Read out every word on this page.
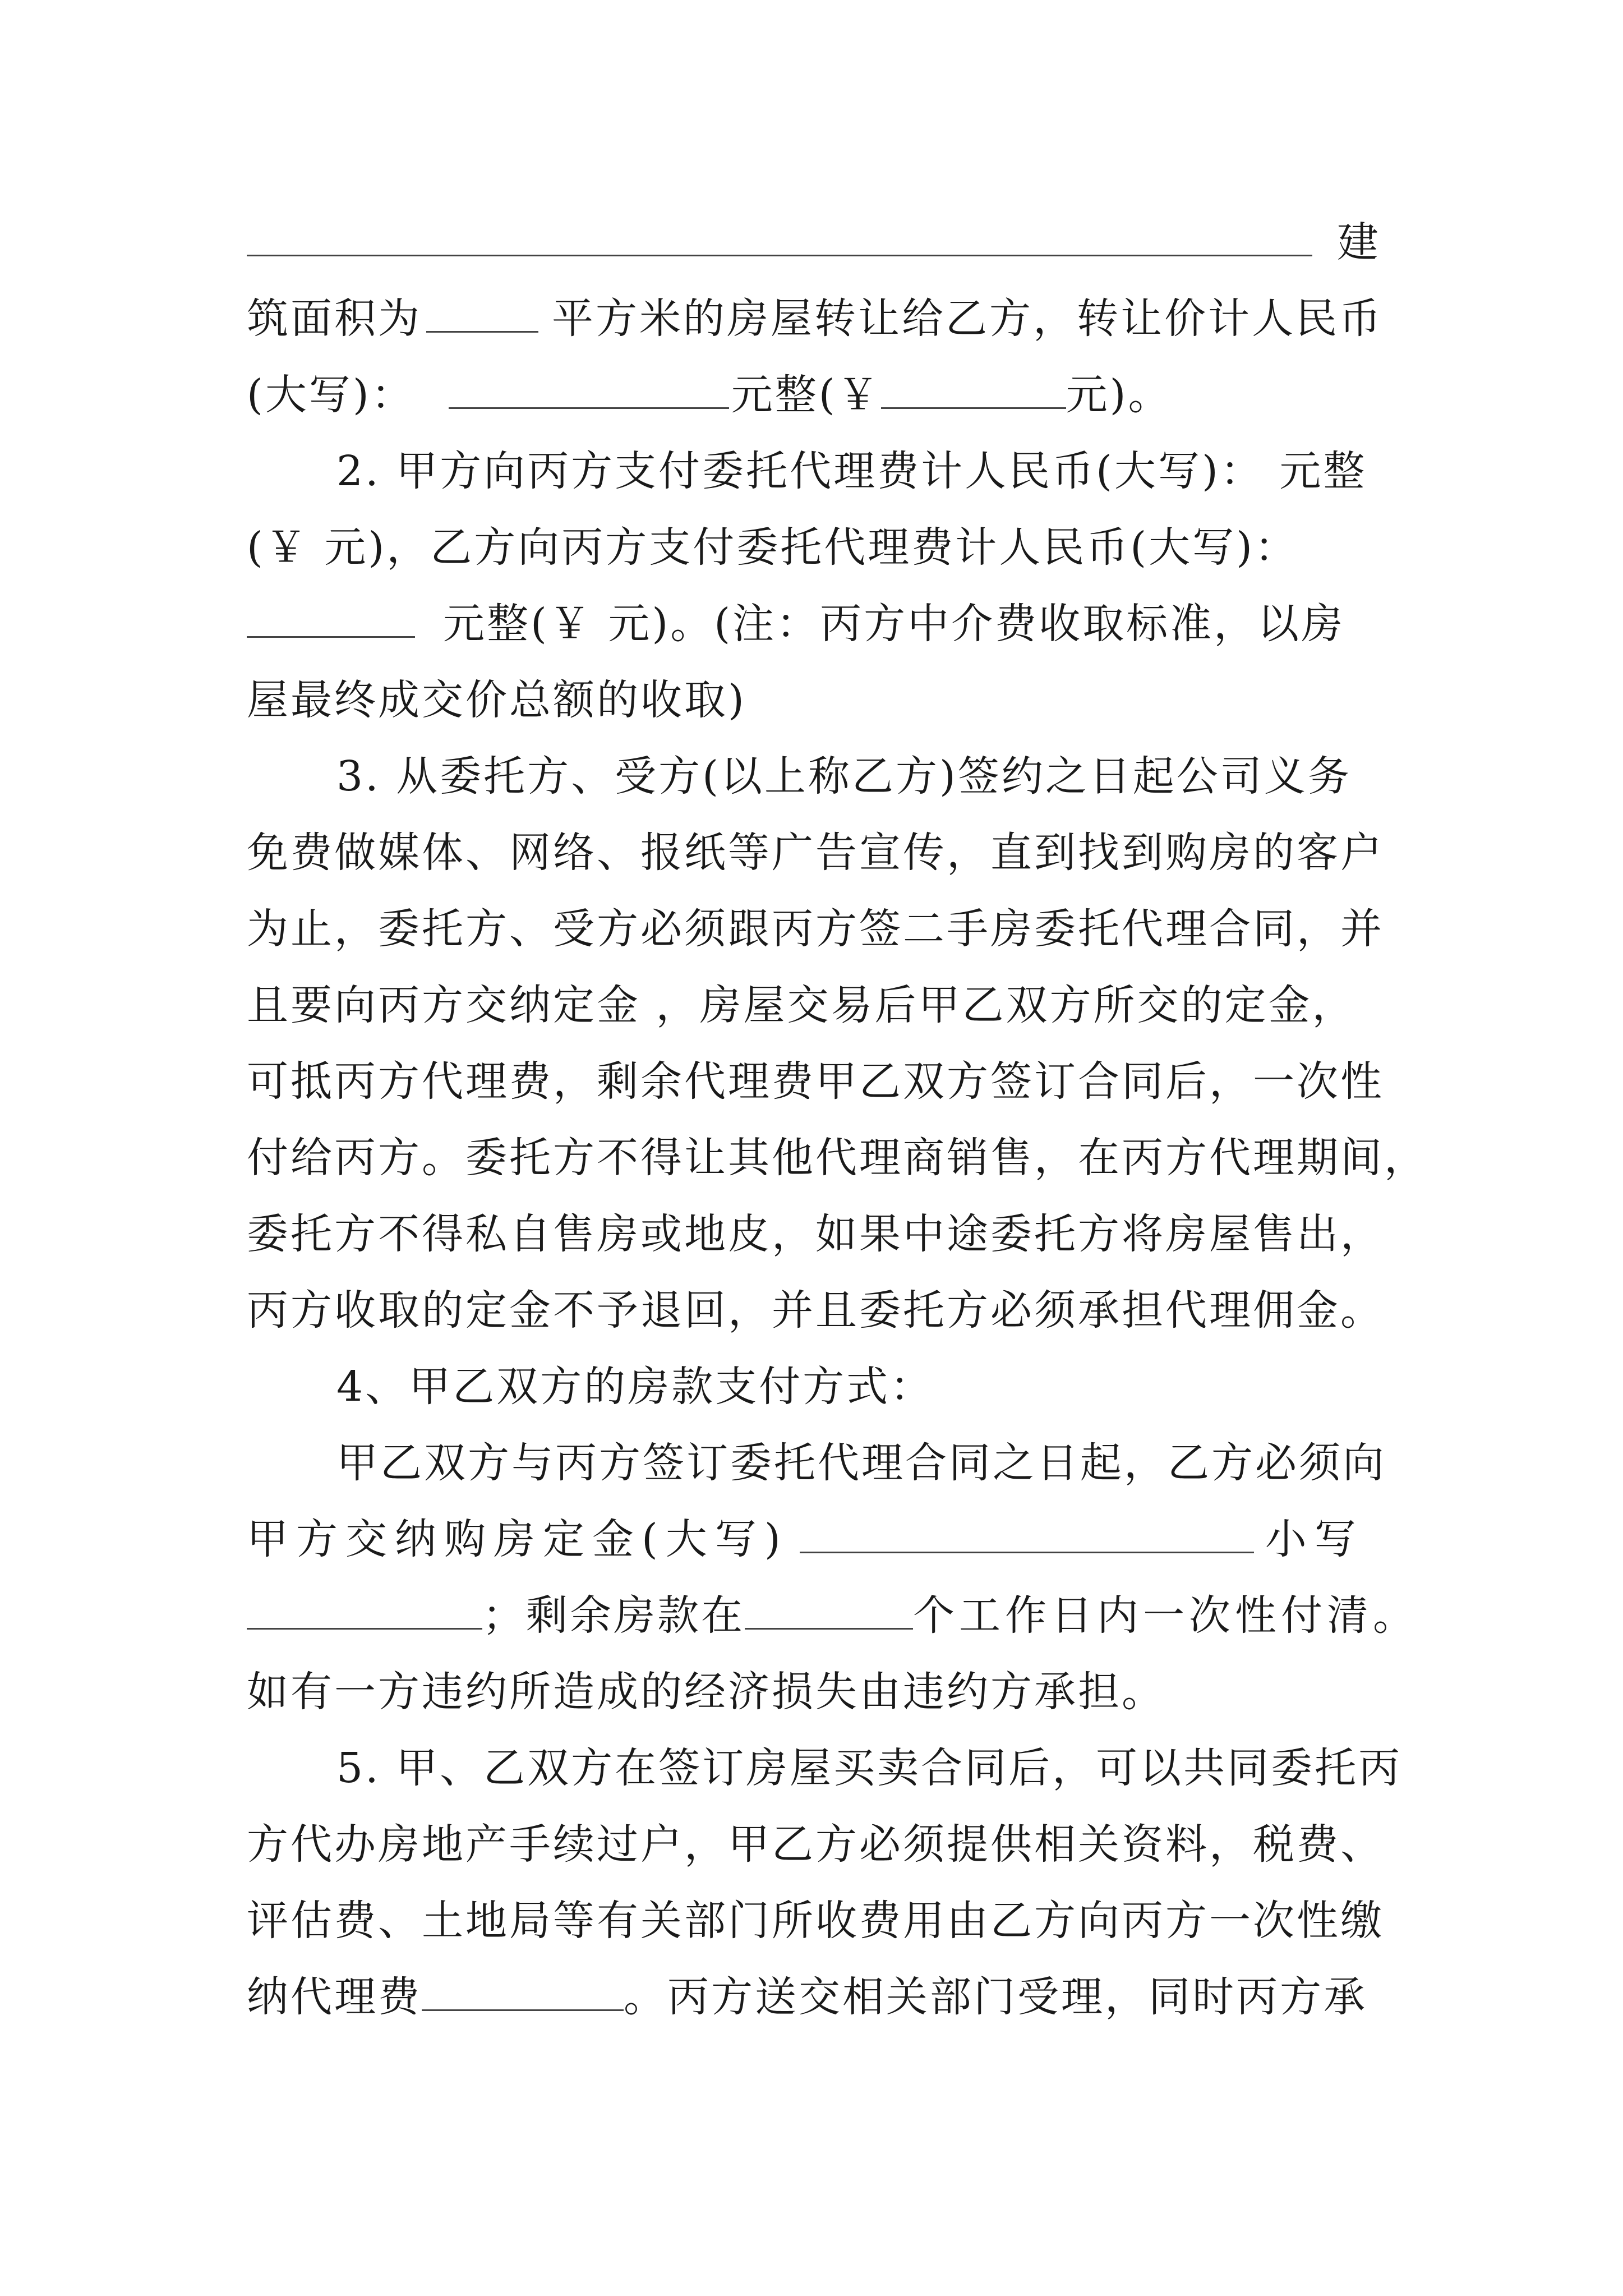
建
筑面积为	平方米的房屋转让给乙方，转让价计人民币
(大写)：	元整(￥	元)。
2. 甲方向丙方支付委托代理费计人民币(大写)： 元整
(￥ 元)，乙方向丙方支付委托代理费计人民币(大写)：
元整(￥ 元)。(注：丙方中介费收取标准，以房
屋最终成交价总额的收取)
3. 从委托方、受方(以上称乙方)签约之日起公司义务
免费做媒体、网络、报纸等广告宣传，直到找到购房的客户
为止，委托方、受方必须跟丙方签二手房委托代理合同，并
且要向丙方交纳定金 ，房屋交易后甲乙双方所交的定金，
可抵丙方代理费，剩余代理费甲乙双方签订合同后，一次性
付给丙方。委托方不得让其他代理商销售，在丙方代理期间，
委托方不得私自售房或地皮，如果中途委托方将房屋售出，
丙方收取的定金不予退回，并且委托方必须承担代理佣金。
4、甲乙双方的房款支付方式：
甲乙双方与丙方签订委托代理合同之日起，乙方必须向
甲方交纳购房定金(大写)	小写
；剩余房款在	个工作日内一次性付清。
如有一方违约所造成的经济损失由违约方承担。
5. 甲、乙双方在签订房屋买卖合同后，可以共同委托丙
方代办房地产手续过户，甲乙方必须提供相关资料，税费、
评估费、土地局等有关部门所收费用由乙方向丙方一次性缴
纳代理费	。丙方送交相关部门受理，同时丙方承
